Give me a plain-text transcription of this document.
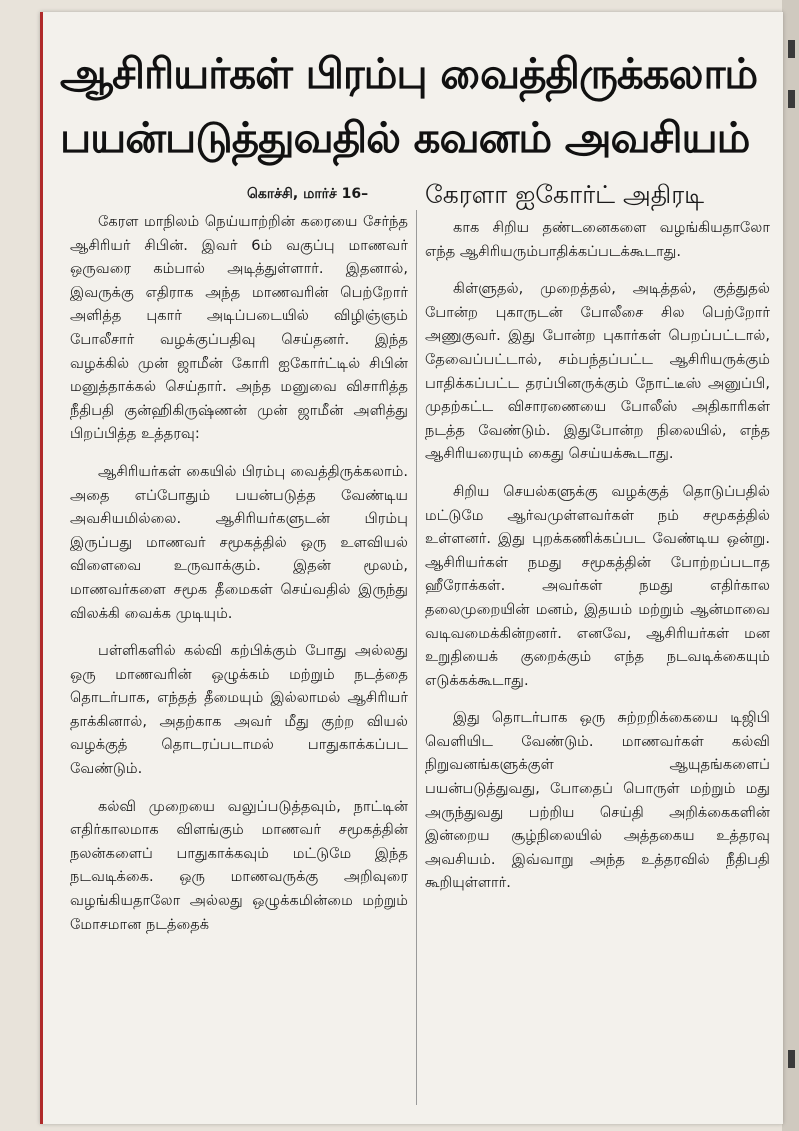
ஆசிரியர்கள் பிரம்பு வைத்திருக்கலாம்
பயன்படுத்துவதில் கவனம் அவசியம்
கொச்சி, மார்ச் 16– கேரளா ஐகோர்ட் அதிரடி

கேரள மாநிலம் நெய்யாற்றின் கரையை சேர்ந்த ஆசிரியர் சிபின். இவர் 6ம் வகுப்பு மாணவர் ஒருவரை கம்பால் அடித்துள்ளார். இதனால், இவருக்கு எதிராக அந்த மாணவரின் பெற்றோர் அளித்த புகார் அடிப்படையில் விழிஞ்ஞம் போலீசார் வழக்குப்பதிவு செய்தனர். இந்த வழக்கில் முன் ஜாமீன் கோரி ஐகோர்ட்டில் சிபின் மனுத்தாக்கல் செய்தார். அந்த மனுவை விசாரித்த நீதிபதி குன்ஹிகிருஷ்ணன் முன் ஜாமீன் அளித்து பிறப்பித்த உத்தரவு:

ஆசிரியர்கள் கையில் பிரம்பு வைத்திருக்கலாம். அதை எப்போதும் பயன்படுத்த வேண்டிய அவசியமில்லை. ஆசிரியர்களுடன் பிரம்பு இருப்பது மாணவர் சமூகத்தில் ஒரு உளவியல் விளைவை உருவாக்கும். இதன் மூலம், மாணவர்களை சமூக தீமைகள் செய்வதில் இருந்து விலக்கி வைக்க முடியும்.

பள்ளிகளில் கல்வி கற்பிக்கும் போது அல்லது ஒரு மாணவரின் ஒழுக்கம் மற்றும் நடத்தை தொடர்பாக, எந்தத் தீமையும் இல்லாமல் ஆசிரியர் தாக்கினால், அதற்காக அவர் மீது குற்ற வியல் வழக்குத் தொடரப்படாமல் பாதுகாக்கப்பட வேண்டும்.

கல்வி முறையை வலுப்படுத்தவும், நாட்டின் எதிர்காலமாக விளங்கும் மாணவர் சமூகத்தின் நலன்களைப் பாதுகாக்கவும் மட்டுமே இந்த நடவடிக்கை. ஒரு மாணவருக்கு அறிவுரை வழங்கியதாலோ அல்லது ஒழுக்கமின்மை மற்றும் மோசமான நடத்தைக்

காக சிறிய தண்டனைகளை வழங்கியதாலோ எந்த ஆசிரியரும்பாதிக்கப்படக்கூடாது.

கிள்ளுதல், முறைத்தல், அடித்தல், குத்துதல் போன்ற புகாருடன் போலீசை சில பெற்றோர் அணுகுவர். இது போன்ற புகார்கள் பெறப்பட்டால், தேவைப்பட்டால், சம்பந்தப்பட்ட ஆசிரியருக்கும் பாதிக்கப்பட்ட தரப்பினருக்கும் நோட்டீஸ் அனுப்பி, முதற்கட்ட விசாரணையை போலீஸ் அதிகாரிகள் நடத்த வேண்டும். இதுபோன்ற நிலையில், எந்த ஆசிரியரையும் கைது செய்யக்கூடாது.

சிறிய செயல்களுக்கு வழக்குத் தொடுப்பதில் மட்டுமே ஆர்வமுள்ளவர்கள் நம் சமூகத்தில் உள்ளனர். இது புறக்கணிக்கப்பட வேண்டிய ஒன்று. ஆசிரியர்கள் நமது சமூகத்தின் போற்றப்படாத ஹீரோக்கள். அவர்கள் நமது எதிர்கால தலைமுறையின் மனம், இதயம் மற்றும் ஆன்மாவை வடிவமைக்கின்றனர். எனவே, ஆசிரியர்கள் மன உறுதியைக் குறைக்கும் எந்த நடவடிக்கையும் எடுக்கக்கூடாது.

இது தொடர்பாக ஒரு சுற்றறிக்கையை டிஜிபி வெளியிட வேண்டும். மாணவர்கள் கல்வி நிறுவனங்களுக்குள் ஆயுதங்களைப் பயன்படுத்துவது, போதைப் பொருள் மற்றும் மது அருந்துவது பற்றிய செய்தி அறிக்கைகளின் இன்றைய சூழ்நிலையில் அத்தகைய உத்தரவு அவசியம். இவ்வாறு அந்த உத்தரவில் நீதிபதி கூறியுள்ளார்.
